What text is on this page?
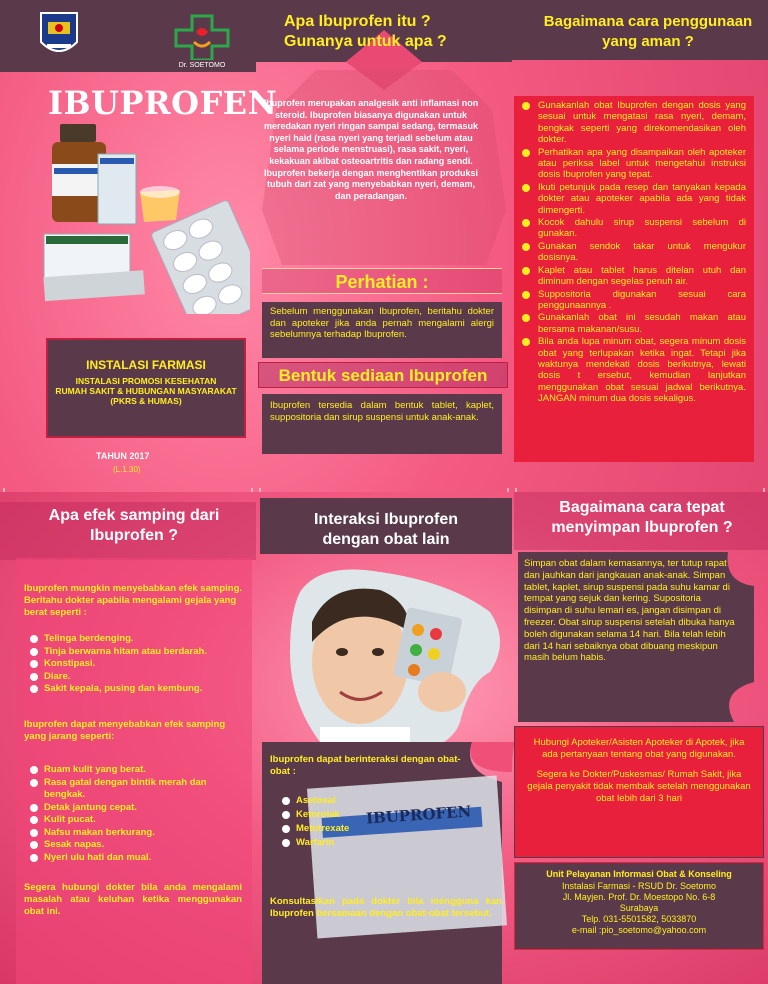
Dr. SOETOMO
IBUPROFEN
INSTALASI FARMASI
INSTALASI PROMOSI KESEHATAN
RUMAH SAKIT & HUBUNGAN MASYARAKAT
(PKRS & HUMAS)
TAHUN 2017
(L.1.30)
Apa Ibuprofen itu ? Gunanya untuk apa ?
Ibuprofen merupakan analgesik anti inflamasi non steroid. Ibuprofen biasanya digunakan untuk meredakan nyeri ringan sampai sedang, termasuk nyeri haid (rasa nyeri yang terjadi sebelum atau selama periode menstruasi), rasa sakit, nyeri, kekakuan akibat osteoartritis dan radang sendi. Ibuprofen bekerja dengan menghentikan produksi tubuh dari zat yang menyebabkan nyeri, demam, dan peradangan.
Perhatian :
Sebelum menggunakan Ibuprofen, beritahu dokter dan apoteker jika anda pernah mengalami alergi sebelumnya terhadap Ibuprofen.
Bentuk sediaan Ibuprofen
Ibuprofen tersedia dalam bentuk tablet, kaplet, suppositoria dan sirup suspensi untuk anak-anak.
Bagaimana cara penggunaan yang aman ?
Gunakanlah obat Ibuprofen dengan dosis yang sesuai untuk mengatasi rasa nyeri, demam, bengkak seperti yang direkomendasikan oleh dokter.
Perhatikan apa yang disampaikan oleh apoteker atau periksa label untuk mengetahui instruksi dosis Ibuprofen yang tepat.
Ikuti petunjuk pada resep dan tanyakan kepada dokter atau apoteker apabila ada yang tidak dimengerti.
Kocok dahulu sirup suspensi sebelum di gunakan.
Gunakan sendok takar untuk mengukur dosisnya.
Kaplet atau tablet harus ditelan utuh dan diminum dengan segelas penuh air.
Suppositoria digunakan sesuai cara penggunaannya .
Gunakanlah obat ini sesudah makan atau bersama makanan/susu.
Bila anda lupa minum obat, segera minum dosis obat yang terlupakan ketika ingat. Tetapi jika waktunya mendekati dosis berikutnya, lewati dosis t ersebut, kemudian lanjutkan menggunakan obat sesuai jadwal berikutnya. JANGAN minum dua dosis sekaligus.
Apa efek samping dari Ibuprofen ?
Ibuprofen mungkin menyebabkan efek samping. Beritahu dokter apabila mengalami gejala yang berat seperti :
Telinga berdenging.
Tinja berwarna hitam atau berdarah.
Konstipasi.
Diare.
Sakit kepala, pusing dan kembung.
Ibuprofen dapat menyebabkan efek samping yang jarang seperti:
Ruam kulit yang berat.
Rasa gatal dengan bintik merah dan bengkak.
Detak jantung cepat.
Kulit pucat.
Nafsu makan berkurang.
Sesak napas.
Nyeri ulu hati dan mual.
Segera hubungi dokter bila anda mengalami masalah atau keluhan ketika menggunakan obat ini.
Interaksi Ibuprofen dengan obat lain
IBUPROFEN
Ibuprofen dapat berinteraksi dengan obat-obat :
Asetosal
Ketorolak
Metotrexate
Warfarin
Konsultasikan pada dokter bila mengguna kan Ibuprofen bersamaan dengan obat-obat tersebut.
Bagaimana cara tepat menyimpan Ibuprofen ?
Simpan obat dalam kemasannya, ter tutup rapat dan jauhkan dari jangkauan anak-anak. Simpan tablet, kaplet, sirup suspensi pada suhu kamar di tempat yang sejuk dan kering. Supositoria disimpan di suhu lemari es, jangan disimpan di freezer. Obat sirup suspensi setelah dibuka hanya boleh digunakan selama 14 hari. Bila telah lebih dari 14 hari sebaiknya obat dibuang meskipun masih belum habis.
Hubungi Apoteker/Asisten Apoteker di Apotek, jika ada pertanyaan tentang obat yang digunakan.
Segera ke Dokter/Puskesmas/ Rumah Sakit, jika gejala penyakit tidak membaik setelah menggunakan obat lebih dari 3 hari
Unit Pelayanan Informasi Obat & Konseling
Instalasi Farmasi - RSUD Dr. Soetomo
Jl. Mayjen. Prof. Dr. Moestopo No. 6-8
Surabaya
Telp. 031-5501582, 5033870
e-mail :pio_soetomo@yahoo.com
